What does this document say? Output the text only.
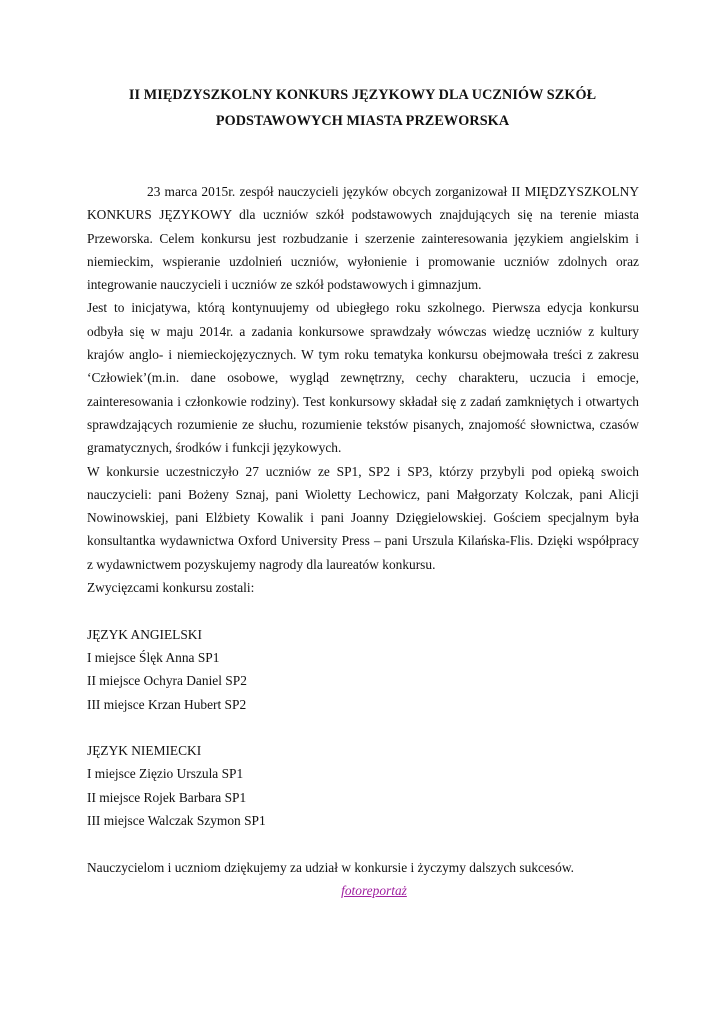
II MIĘDZYSZKOLNY KONKURS JĘZYKOWY DLA UCZNIÓW SZKÓŁ
PODSTAWOWYCH MIASTA PRZEWORSKA

23 marca 2015r. zespół nauczycieli języków obcych zorganizował II MIĘDZYSZKOLNY KONKURS JĘZYKOWY dla uczniów szkół podstawowych znajdujących się na terenie miasta Przeworska. Celem konkursu jest rozbudzanie i szerzenie zainteresowania językiem angielskim i niemieckim, wspieranie uzdolnień uczniów, wyłonienie i promowanie uczniów zdolnych oraz integrowanie nauczycieli i uczniów ze szkół podstawowych i gimnazjum.

Jest to inicjatywa, którą kontynuujemy od ubiegłego roku szkolnego. Pierwsza edycja konkursu odbyła się w maju 2014r. a zadania konkursowe sprawdzały wówczas wiedzę uczniów z kultury krajów anglo- i niemieckojęzycznych. W tym roku tematyka konkursu obejmowała treści z zakresu ‘Człowiek’(m.in. dane osobowe, wygląd zewnętrzny, cechy charakteru, uczucia i emocje, zainteresowania i członkowie rodziny). Test konkursowy składał się z zadań zamkniętych i otwartych sprawdzających rozumienie ze słuchu, rozumienie tekstów pisanych, znajomość słownictwa, czasów gramatycznych, środków i funkcji językowych.

W konkursie uczestniczyło 27 uczniów ze SP1, SP2 i SP3, którzy przybyli pod opieką swoich nauczycieli: pani Bożeny Sznaj, pani Wioletty Lechowicz, pani Małgorzaty Kolczak, pani Alicji Nowinowskiej, pani Elżbiety Kowalik i pani Joanny Dzięgielowskiej. Gościem specjalnym była konsultantka wydawnictwa Oxford University Press – pani Urszula Kilańska-Flis. Dzięki współpracy z wydawnictwem pozyskujemy nagrody dla laureatów konkursu.

Zwycięzcami konkursu zostali:

JĘZYK ANGIELSKI
I miejsce Ślęk Anna SP1
II miejsce Ochyra Daniel SP2
III miejsce Krzan Hubert SP2
JĘZYK NIEMIECKI
I miejsce Zięzio Urszula SP1
II miejsce Rojek Barbara SP1
III miejsce Walczak Szymon SP1
Nauczycielom i uczniom dziękujemy za udział w konkursie i życzymy dalszych sukcesów.

fotoreportaż
